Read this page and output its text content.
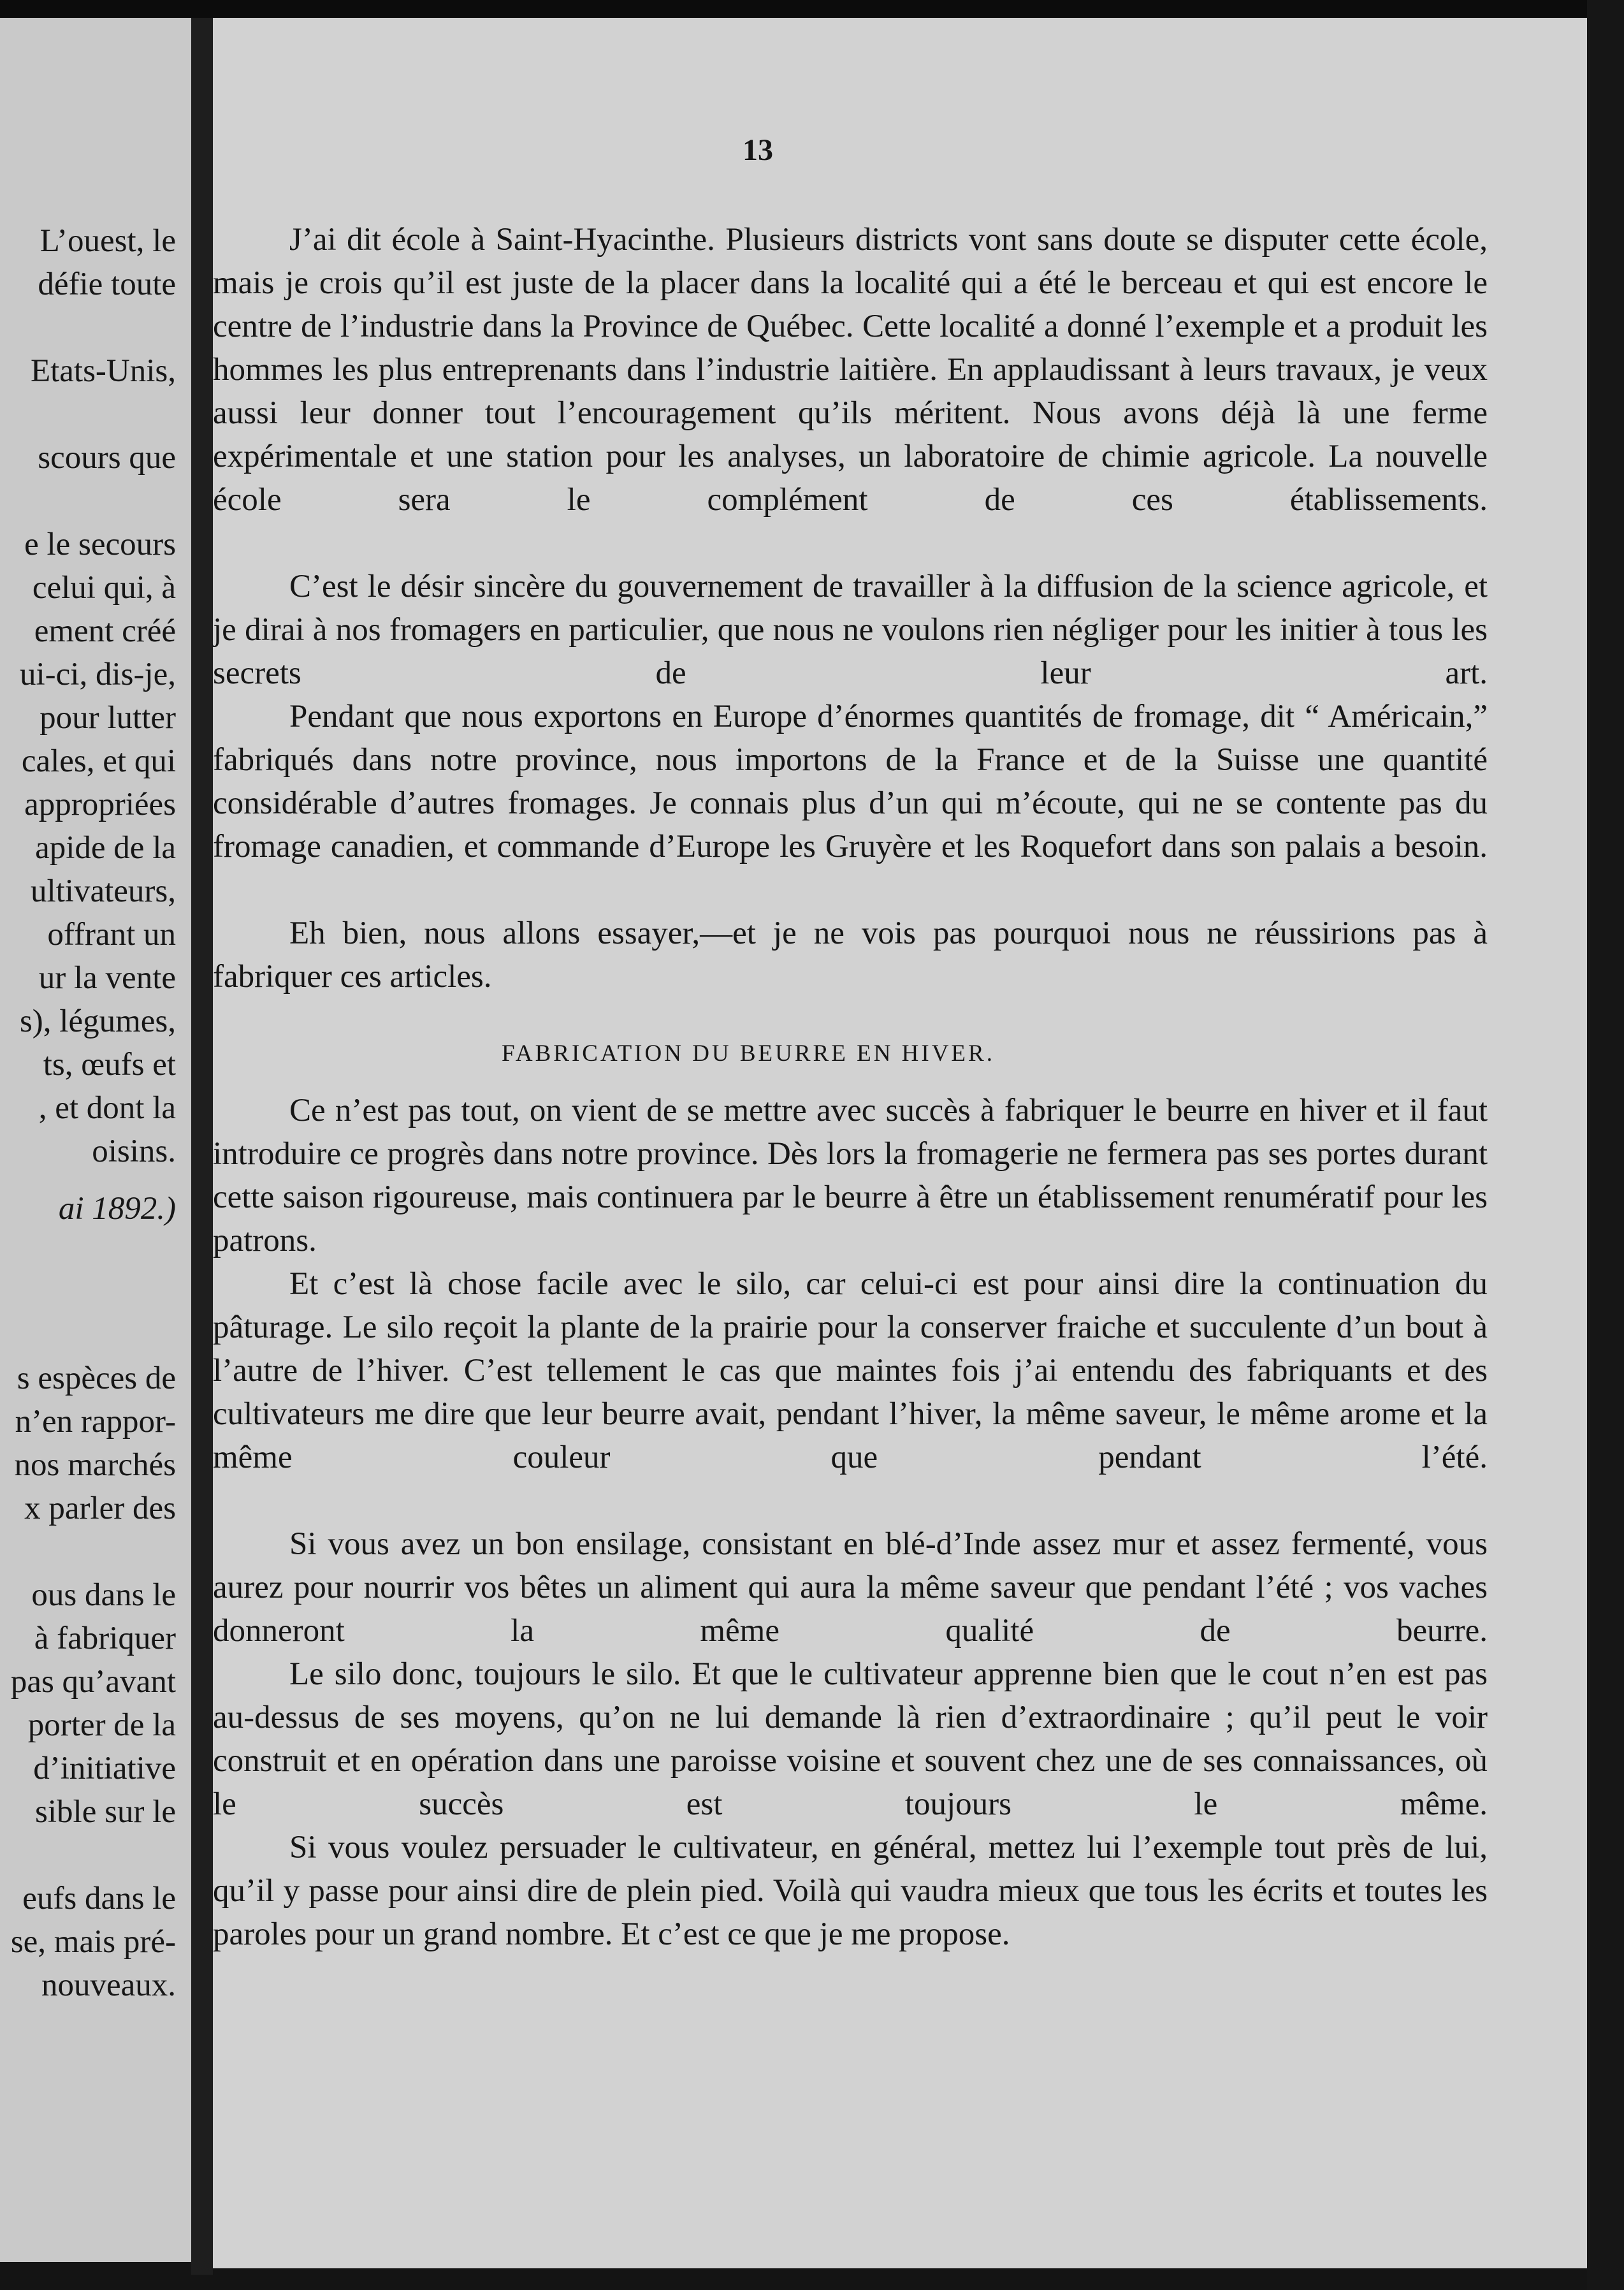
L’ouest, le

défie toute

Etats-Unis,

scours que

e le secours

celui qui, à

ement créé

ui-ci, dis-je,

pour lutter

cales, et qui

appropriées

apide de la

ultivateurs,

offrant un

ur la vente

s), légumes,

ts, œufs et

, et dont la

oisins.

ai 1892.)

s espèces de

n’en rappor-

nos marchés

x parler des

ous dans le

à fabriquer

pas qu’avant

porter de la

d’initiative

sible sur le

eufs dans le

se, mais pré-

nouveaux.

13

J’ai dit école à Saint-Hyacinthe. Plusieurs districts vont sans doute se disputer cette école, mais je crois qu’il est juste de la placer dans la localité qui a été le berceau et qui est encore le centre de l’industrie dans la Province de Québec. Cette localité a donné l’exemple et a produit les hommes les plus entreprenants dans l’industrie laitière. En applaudissant à leurs travaux, je veux aussi leur donner tout l’encouragement qu’ils méritent. Nous avons déjà là une ferme expérimentale et une station pour les analyses, un laboratoire de chimie agricole. La nouvelle école sera le complément de ces établissements.

C’est le désir sincère du gouvernement de travailler à la diffusion de la science agricole, et je dirai à nos fromagers en particulier, que nous ne voulons rien négliger pour les initier à tous les secrets de leur art.

Pendant que nous exportons en Europe d’énormes quantités de fromage, dit “ Américain,” fabriqués dans notre province, nous importons de la France et de la Suisse une quantité considérable d’autres fromages. Je connais plus d’un qui m’écoute, qui ne se contente pas du fromage canadien, et commande d’Europe les Gruyère et les Roquefort dans son palais a besoin.

Eh bien, nous allons essayer,—et je ne vois pas pourquoi nous ne réussirions pas à fabriquer ces articles.

FABRICATION DU BEURRE EN HIVER.

Ce n’est pas tout, on vient de se mettre avec succès à fabriquer le beurre en hiver et il faut introduire ce progrès dans notre province. Dès lors la fromagerie ne fermera pas ses portes durant cette saison rigoureuse, mais continuera par le beurre à être un établissement renumératif pour les patrons.

Et c’est là chose facile avec le silo, car celui-ci est pour ainsi dire la continuation du pâturage. Le silo reçoit la plante de la prairie pour la conserver fraiche et succulente d’un bout à l’autre de l’hiver. C’est tellement le cas que maintes fois j’ai entendu des fabriquants et des cultivateurs me dire que leur beurre avait, pendant l’hiver, la même saveur, le même arome et la même couleur que pendant l’été.

Si vous avez un bon ensilage, consistant en blé-d’Inde assez mur et assez fermenté, vous aurez pour nourrir vos bêtes un aliment qui aura la même saveur que pendant l’été ; vos vaches donneront la même qualité de beurre.

Le silo donc, toujours le silo. Et que le cultivateur apprenne bien que le cout n’en est pas au-dessus de ses moyens, qu’on ne lui demande là rien d’extraordinaire ; qu’il peut le voir construit et en opération dans une paroisse voisine et souvent chez une de ses connaissances, où le succès est toujours le même.

Si vous voulez persuader le cultivateur, en général, mettez lui l’exemple tout près de lui, qu’il y passe pour ainsi dire de plein pied. Voilà qui vaudra mieux que tous les écrits et toutes les paroles pour un grand nombre. Et c’est ce que je me propose.
